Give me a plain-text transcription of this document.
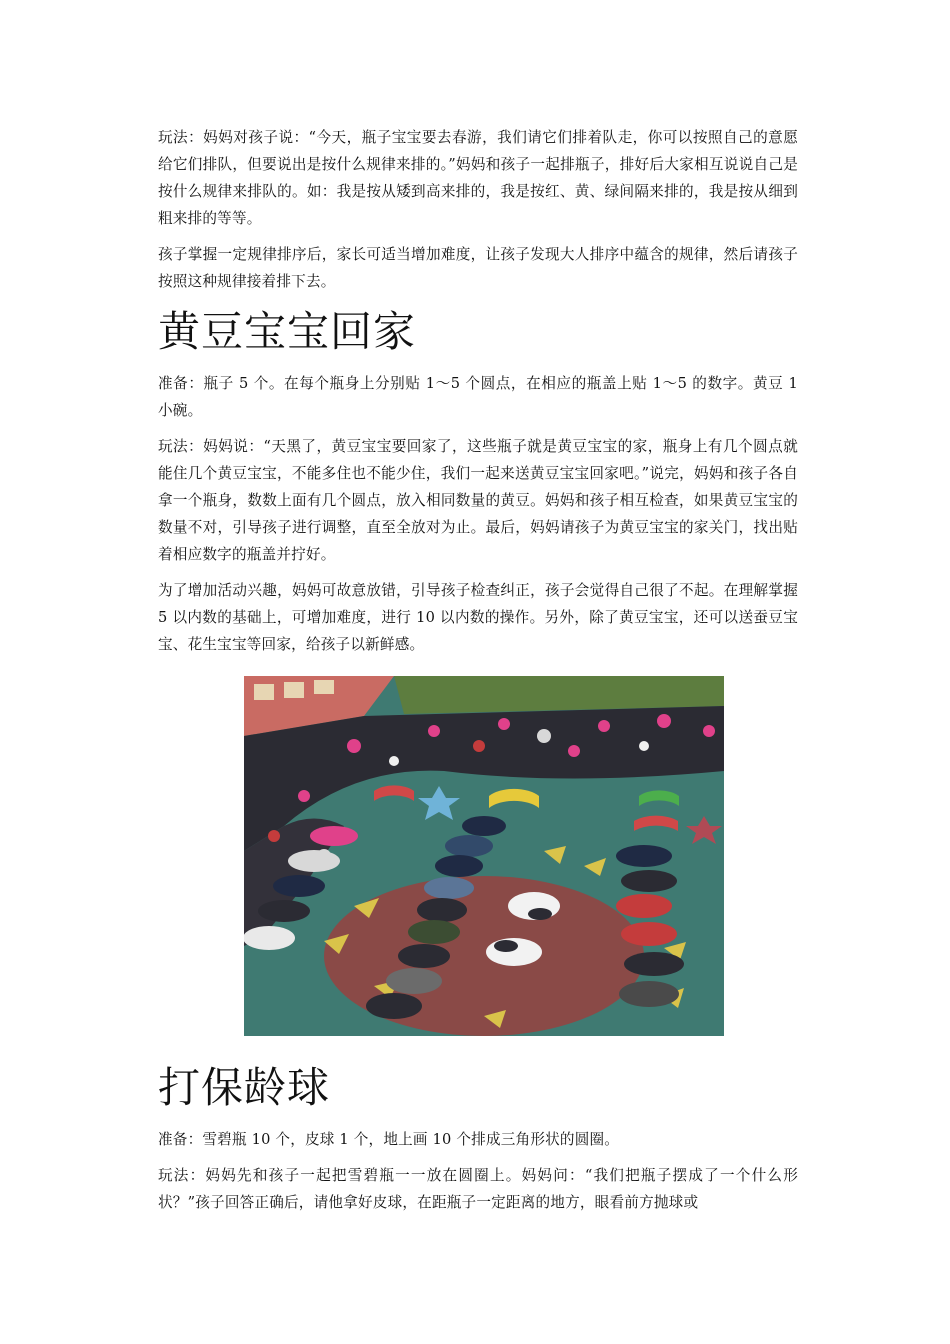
玩法：妈妈对孩子说：“今天，瓶子宝宝要去春游，我们请它们排着队走，你可以按照自己的意愿给它们排队，但要说出是按什么规律来排的。”妈妈和孩子一起排瓶子，排好后大家相互说说自己是按什么规律来排队的。如：我是按从矮到高来排的，我是按红、黄、绿间隔来排的，我是按从细到粗来排的等等。

孩子掌握一定规律排序后，家长可适当增加难度，让孩子发现大人排序中蕴含的规律，然后请孩子按照这种规律接着排下去。

黄豆宝宝回家

准备：瓶子 5 个。在每个瓶身上分别贴 1～5 个圆点，在相应的瓶盖上贴 1～5 的数字。黄豆 1 小碗。

玩法：妈妈说：“天黑了，黄豆宝宝要回家了，这些瓶子就是黄豆宝宝的家，瓶身上有几个圆点就能住几个黄豆宝宝，不能多住也不能少住，我们一起来送黄豆宝宝回家吧。”说完，妈妈和孩子各自拿一个瓶身，数数上面有几个圆点，放入相同数量的黄豆。妈妈和孩子相互检查，如果黄豆宝宝的数量不对，引导孩子进行调整，直至全放对为止。最后，妈妈请孩子为黄豆宝宝的家关门，找出贴着相应数字的瓶盖并拧好。

为了增加活动兴趣，妈妈可故意放错，引导孩子检查纠正，孩子会觉得自己很了不起。在理解掌握 5 以内数的基础上，可增加难度，进行 10 以内数的操作。另外，除了黄豆宝宝，还可以送蚕豆宝宝、花生宝宝等回家，给孩子以新鲜感。

打保龄球

准备：雪碧瓶 10 个，皮球 1 个，地上画 10 个排成三角形状的圆圈。

玩法：妈妈先和孩子一起把雪碧瓶一一放在圆圈上。妈妈问：“我们把瓶子摆成了一个什么形状？”孩子回答正确后，请他拿好皮球，在距瓶子一定距离的地方，眼看前方抛球或
